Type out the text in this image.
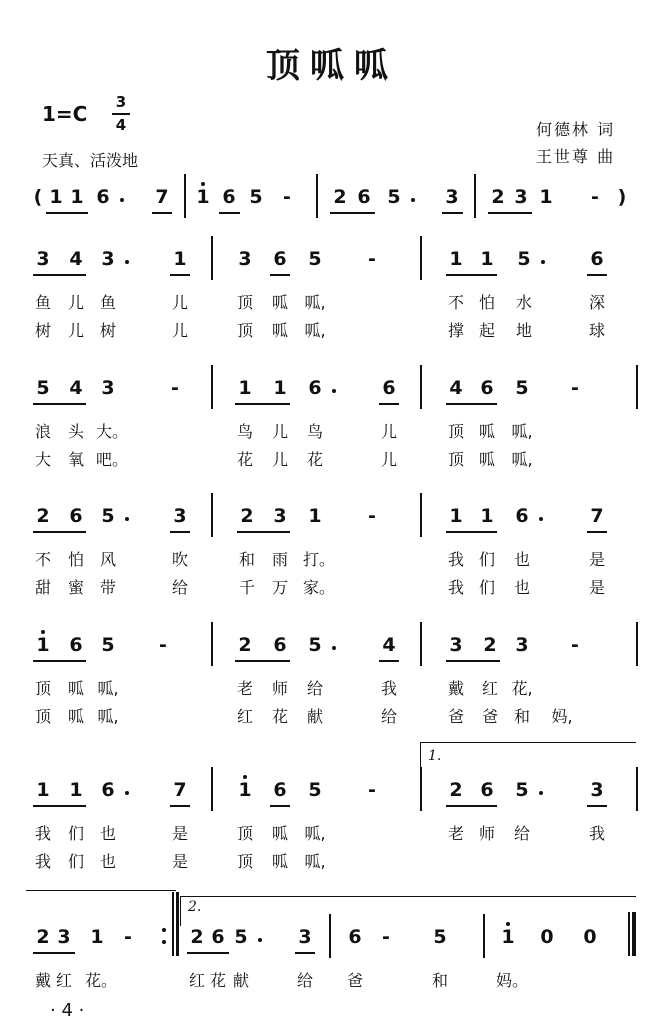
顶呱呱
1=C 3
4
天真、活泼地
何德林 词
王世尊 曲
( 1 1 6 7 1 6 5	-	2 6 5 3 2 3 1	- )
3 4 3	1	3 6 5	-	1 1 5	6
鱼 儿 鱼	儿	顶 呱 呱,	不 怕 水	深
树 儿 树	儿	顶 呱 呱,	撑 起 地	球
5 4 3	-	1 1 6	6	4 6 5	-
浪 头 大。	鸟 儿 鸟	儿	顶 呱 呱,
大 氧 吧。	花 儿 花	儿	顶 呱 呱,
2 6 5	3	2 3 1	-	1 1 6	7
不 怕 风	吹	和 雨 打。	我 们 也	是
甜 蜜 带	给	千 万 家。	我 们 也	是
1 6 5	-	2 6 5	4	3 2 3	-
顶 呱 呱,	老 师 给	我	戴 红 花,
顶 呱 呱,	红 花 献	给	爸 爸 和 妈,
1 1 6	7	1 6 5	-	2 6 5	3
我 们 也	是	顶 呱 呱,	老 师 给	我
我 们 也	是	顶 呱 呱,
2 3 1	-	2 6 5	3 6	-	5	1 0 0
戴 红 花。	红 花 献	给 爸	和	妈。
1.
2.
· 4 ·
